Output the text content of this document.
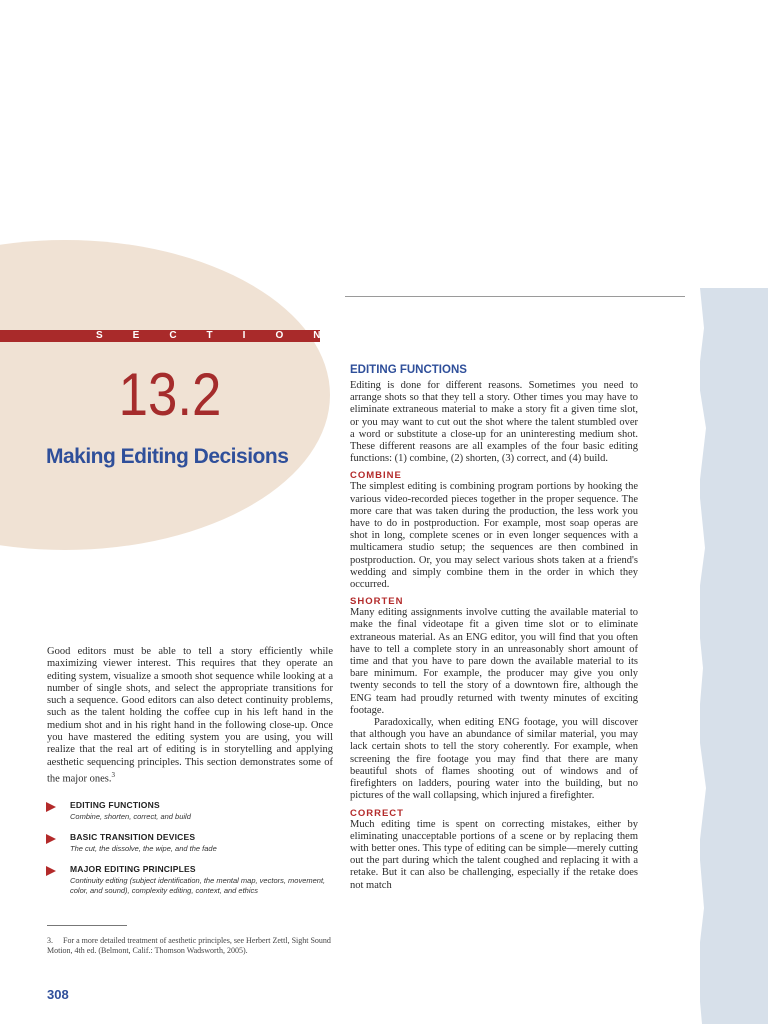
SECTION
13.2
Making Editing Decisions

Good editors must be able to tell a story efficiently while maximizing viewer interest. This requires that they operate an editing system, visualize a smooth shot sequence while looking at a number of single shots, and select the appropriate transitions for such a sequence. Good editors can also detect continuity problems, such as the talent holding the coffee cup in his left hand in the medium shot and in his right hand in the following close-up. Once you have mastered the editing system you are using, you will realize that the real art of editing is in storytelling and applying aesthetic sequencing principles. This section demonstrates some of the major ones.$^3$

EDITING FUNCTIONS
Combine, shorten, correct, and build
BASIC TRANSITION DEVICES
The cut, the dissolve, the wipe, and the fade
MAJOR EDITING PRINCIPLES
Continuity editing (subject identification, the mental map, vectors, movement, color, and sound), complexity editing, context, and ethics

3. For a more detailed treatment of aesthetic principles, see Herbert Zettl, Sight Sound Motion, 4th ed. (Belmont, Calif.: Thomson Wadsworth, 2005).

308
EDITING FUNCTIONS

Editing is done for different reasons. Sometimes you need to arrange shots so that they tell a story. Other times you may have to eliminate extraneous material to make a story fit a given time slot, or you may want to cut out the shot where the talent stumbled over a word or substitute a close-up for an uninteresting medium shot. These different reasons are all examples of the four basic editing functions: (1) combine, (2) shorten, (3) correct, and (4) build.

COMBINE

The simplest editing is combining program portions by hooking the various video-recorded pieces together in the proper sequence. The more care that was taken during the production, the less work you have to do in postproduction. For example, most soap operas are shot in long, complete scenes or in even longer sequences with a multicamera studio setup; the sequences are then combined in postproduction. Or, you may select various shots taken at a friend's wedding and simply combine them in the order in which they occurred.

SHORTEN

Many editing assignments involve cutting the available material to make the final videotape fit a given time slot or to eliminate extraneous material. As an ENG editor, you will find that you often have to tell a complete story in an unreasonably short amount of time and that you have to pare down the available material to its bare minimum. For example, the producer may give you only twenty seconds to tell the story of a downtown fire, although the ENG team had proudly returned with twenty minutes of exciting footage.

Paradoxically, when editing ENG footage, you will discover that although you have an abundance of similar material, you may lack certain shots to tell the story coherently. For example, when screening the fire footage you may find that there are many beautiful shots of flames shooting out of windows and of firefighters on ladders, pouring water into the building, but no pictures of the wall collapsing, which injured a firefighter.

CORRECT

Much editing time is spent on correcting mistakes, either by eliminating unacceptable portions of a scene or by replacing them with better ones. This type of editing can be simple—merely cutting out the part during which the talent coughed and replacing it with a retake. But it can also be challenging, especially if the retake does not match
